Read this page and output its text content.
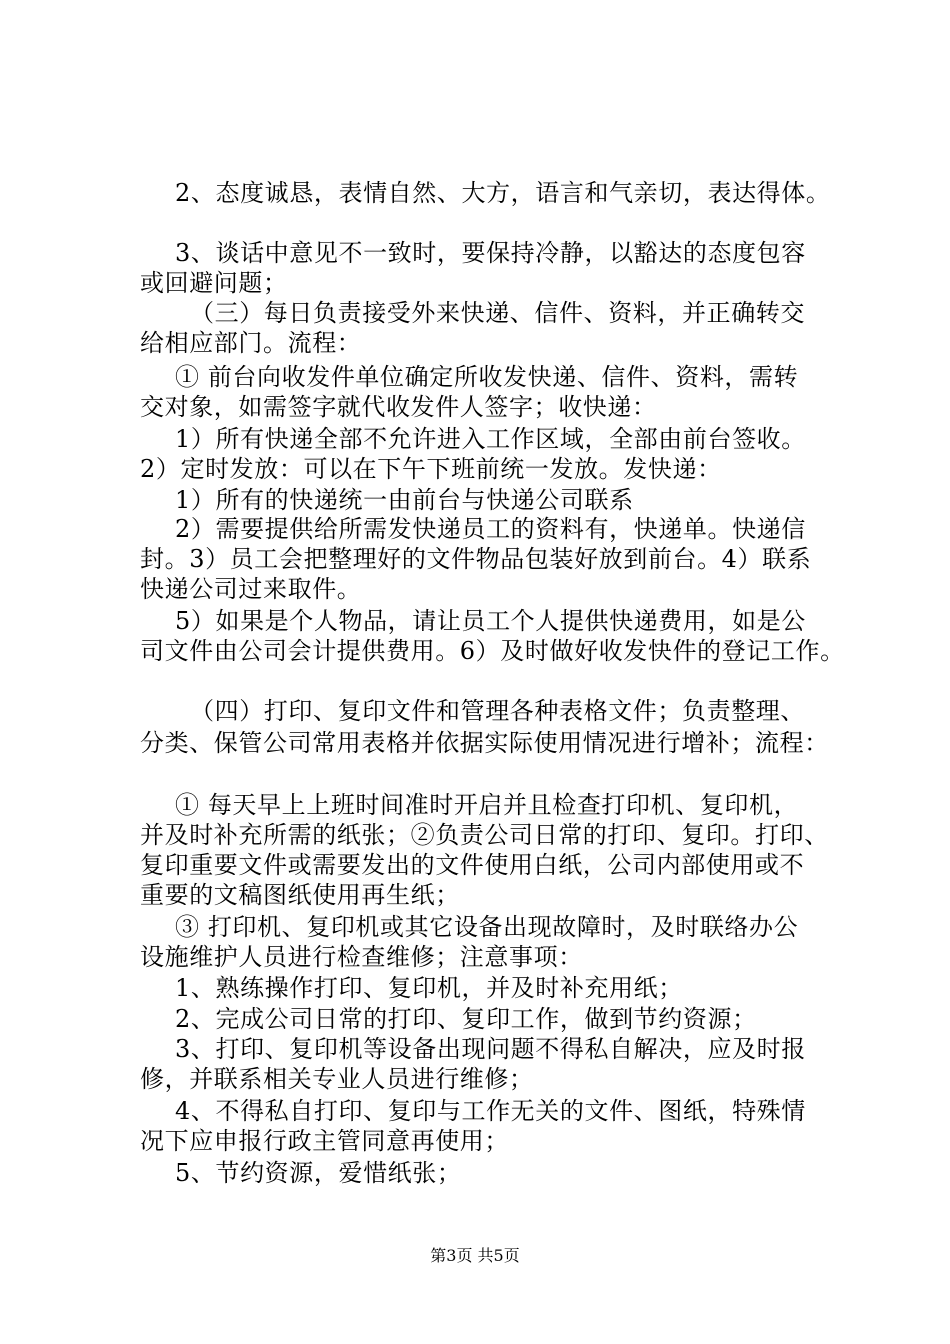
2、态度诚恳，表情自然、大方，语言和气亲切，表达得体。
3、谈话中意见不一致时，要保持冷静，以豁达的态度包容
或回避问题；
（三）每日负责接受外来快递、信件、资料，并正确转交
给相应部门。流程：
① 前台向收发件单位确定所收发快递、信件、资料，需转
交对象，如需签字就代收发件人签字；收快递：
1）所有快递全部不允许进入工作区域，全部由前台签收。
2）定时发放：可以在下午下班前统一发放。发快递：
1）所有的快递统一由前台与快递公司联系
2）需要提供给所需发快递员工的资料有，快递单。快递信
封。3）员工会把整理好的文件物品包装好放到前台。4）联系
快递公司过来取件。
5）如果是个人物品，请让员工个人提供快递费用，如是公
司文件由公司会计提供费用。6）及时做好收发快件的登记工作。
（四）打印、复印文件和管理各种表格文件；负责整理、
分类、保管公司常用表格并依据实际使用情况进行增补；流程：
① 每天早上上班时间准时开启并且检查打印机、复印机，
并及时补充所需的纸张；②负责公司日常的打印、复印。打印、
复印重要文件或需要发出的文件使用白纸，公司内部使用或不
重要的文稿图纸使用再生纸；
③ 打印机、复印机或其它设备出现故障时，及时联络办公
设施维护人员进行检查维修；注意事项：
1、熟练操作打印、复印机，并及时补充用纸；
2、完成公司日常的打印、复印工作，做到节约资源；
3、打印、复印机等设备出现问题不得私自解决，应及时报
修，并联系相关专业人员进行维修；
4、不得私自打印、复印与工作无关的文件、图纸，特殊情
况下应申报行政主管同意再使用；
5、节约资源，爱惜纸张；
第3页 共5页
